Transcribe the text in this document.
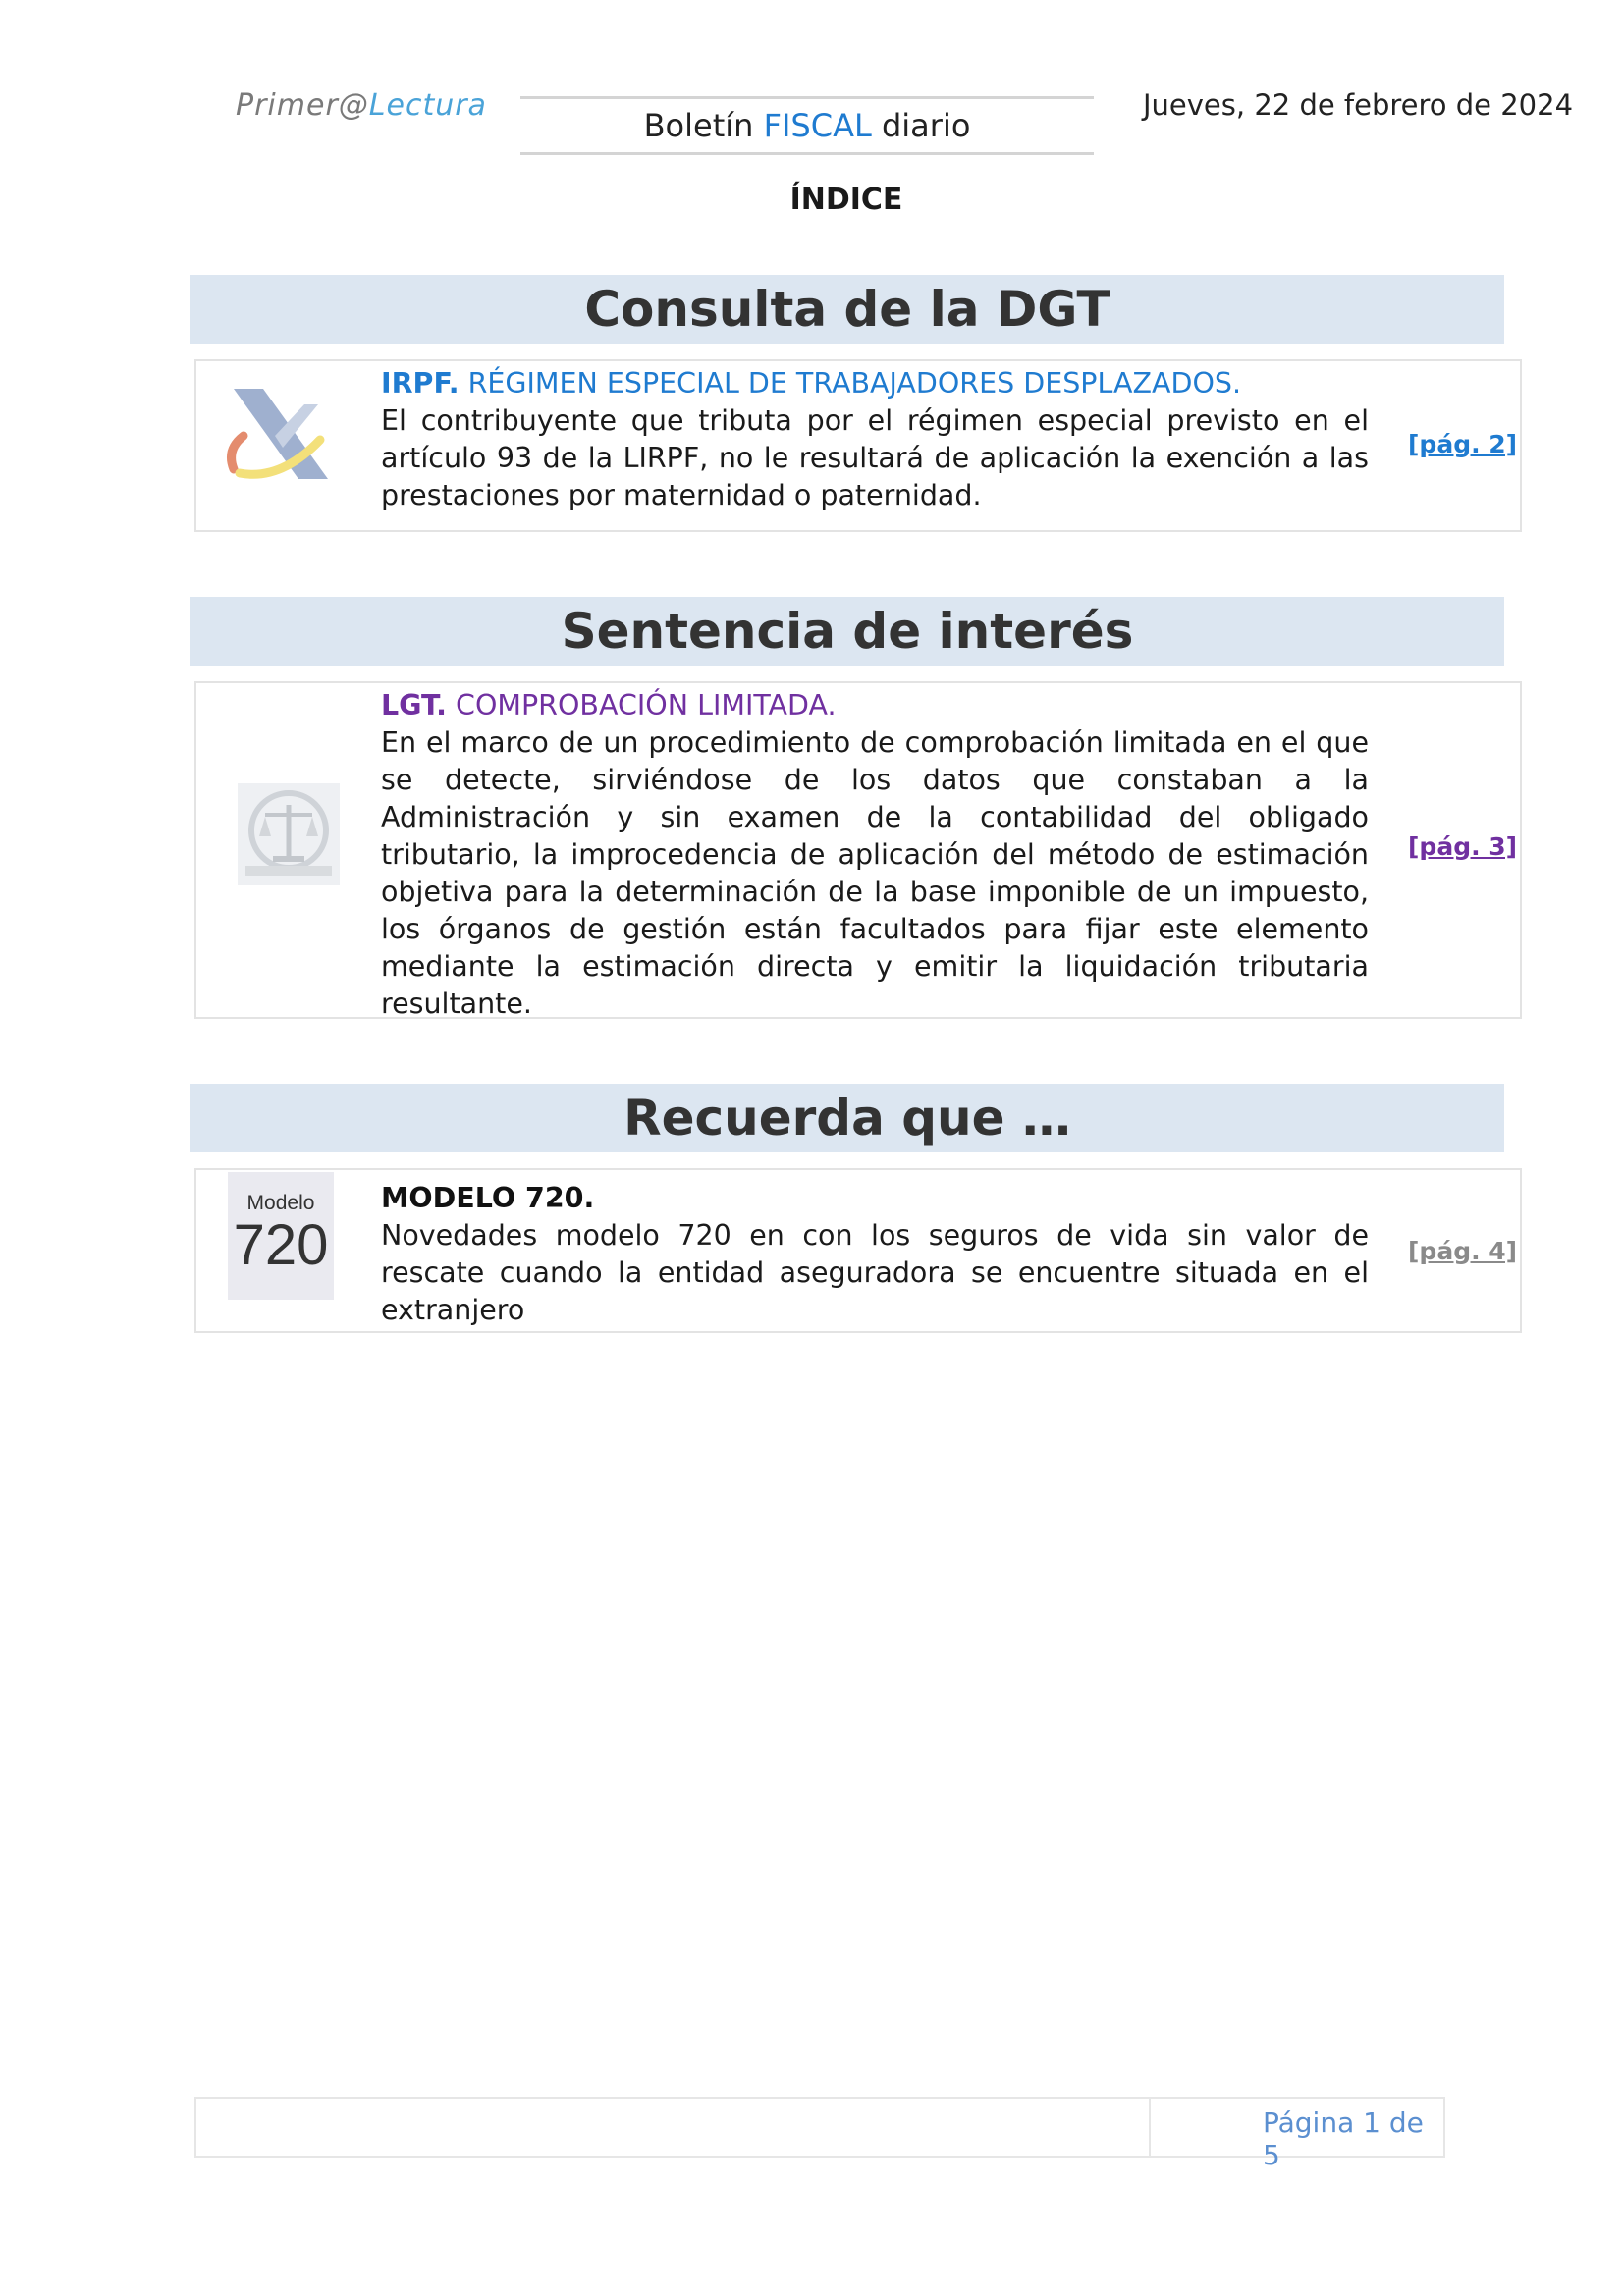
Primer@Lectura
Boletín FISCAL diario
Jueves, 22 de febrero de 2024
ÍNDICE
Consulta de la DGT
IRPF. RÉGIMEN ESPECIAL DE TRABAJADORES DESPLAZADOS.
El contribuyente que tributa por el régimen especial previsto en el artículo 93 de la LIRPF, no le resultará de aplicación la exención a las prestaciones por maternidad o paternidad.
[pág. 2]
Sentencia de interés
LGT. COMPROBACIÓN LIMITADA.
En el marco de un procedimiento de comprobación limitada en el que se detecte, sirviéndose de los datos que constaban a la Administración y sin examen de la contabilidad del obligado tributario, la improcedencia de aplicación del método de estimación objetiva para la determinación de la base imponible de un impuesto, los órganos de gestión están facultados para fijar este elemento mediante la estimación directa y emitir la liquidación tributaria resultante.
[pág. 3]
Recuerda que …
Modelo
720
MODELO 720.
Novedades modelo 720 en con los seguros de vida sin valor de rescate cuando la entidad aseguradora se encuentre situada en el extranjero
[pág. 4]
Página 1 de 5
